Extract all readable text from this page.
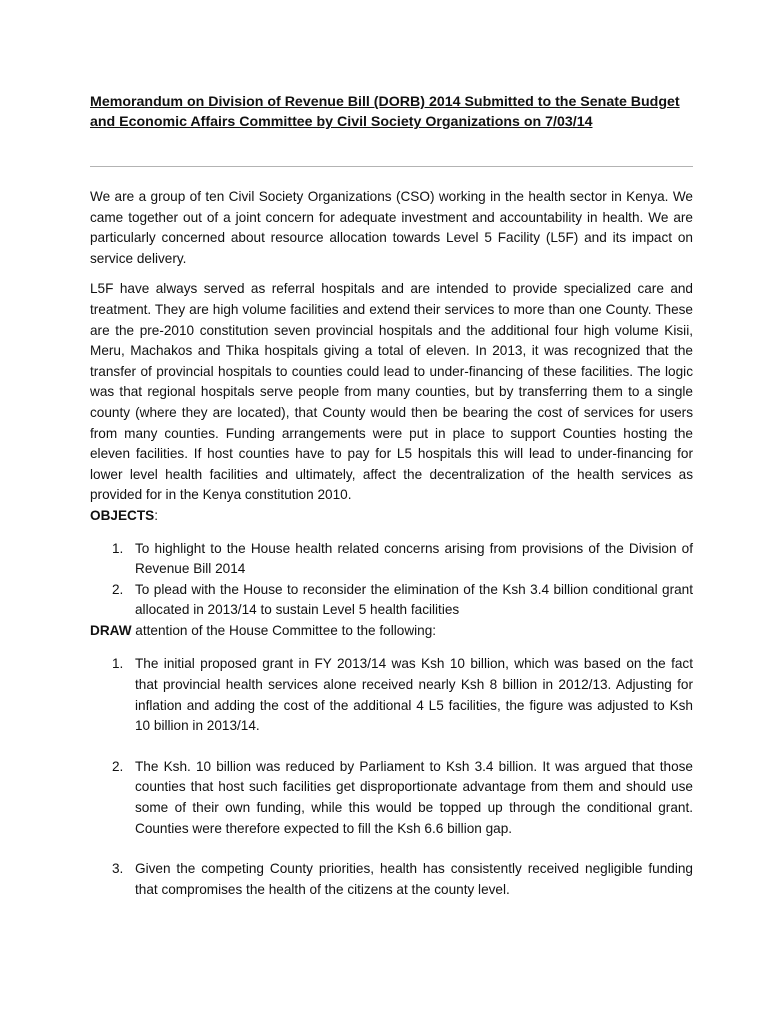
Memorandum on Division of Revenue Bill (DORB) 2014 Submitted to the Senate Budget and Economic Affairs Committee by Civil Society Organizations on 7/03/14

We are a group of ten Civil Society Organizations (CSO) working in the health sector in Kenya. We came together out of a joint concern for adequate investment and accountability in health. We are particularly concerned about resource allocation towards Level 5 Facility (L5F) and its impact on service delivery.

L5F have always served as referral hospitals and are intended to provide specialized care and treatment. They are high volume facilities and extend their services to more than one County. These are the pre-2010 constitution seven provincial hospitals and the additional four high volume Kisii, Meru, Machakos and Thika hospitals giving a total of eleven. In 2013, it was recognized that the transfer of provincial hospitals to counties could lead to under-financing of these facilities. The logic was that regional hospitals serve people from many counties, but by transferring them to a single county (where they are located), that County would then be bearing the cost of services for users from many counties. Funding arrangements were put in place to support Counties hosting the eleven facilities. If host counties have to pay for L5 hospitals this will lead to under-financing for lower level health facilities and ultimately, affect the decentralization of the health services as provided for in the Kenya constitution 2010.
OBJECTS:

1. To highlight to the House health related concerns arising from provisions of the Division of Revenue Bill 2014
2. To plead with the House to reconsider the elimination of the Ksh 3.4 billion conditional grant allocated in 2013/14 to sustain Level 5 health facilities

DRAW attention of the House Committee to the following:

1. The initial proposed grant in FY 2013/14 was Ksh 10 billion, which was based on the fact that provincial health services alone received nearly Ksh 8 billion in 2012/13. Adjusting for inflation and adding the cost of the additional 4 L5 facilities, the figure was adjusted to Ksh 10 billion in 2013/14.
2. The Ksh. 10 billion was reduced by Parliament to Ksh 3.4 billion. It was argued that those counties that host such facilities get disproportionate advantage from them and should use some of their own funding, while this would be topped up through the conditional grant. Counties were therefore expected to fill the Ksh 6.6 billion gap.
3. Given the competing County priorities, health has consistently received negligible funding that compromises the health of the citizens at the county level.
